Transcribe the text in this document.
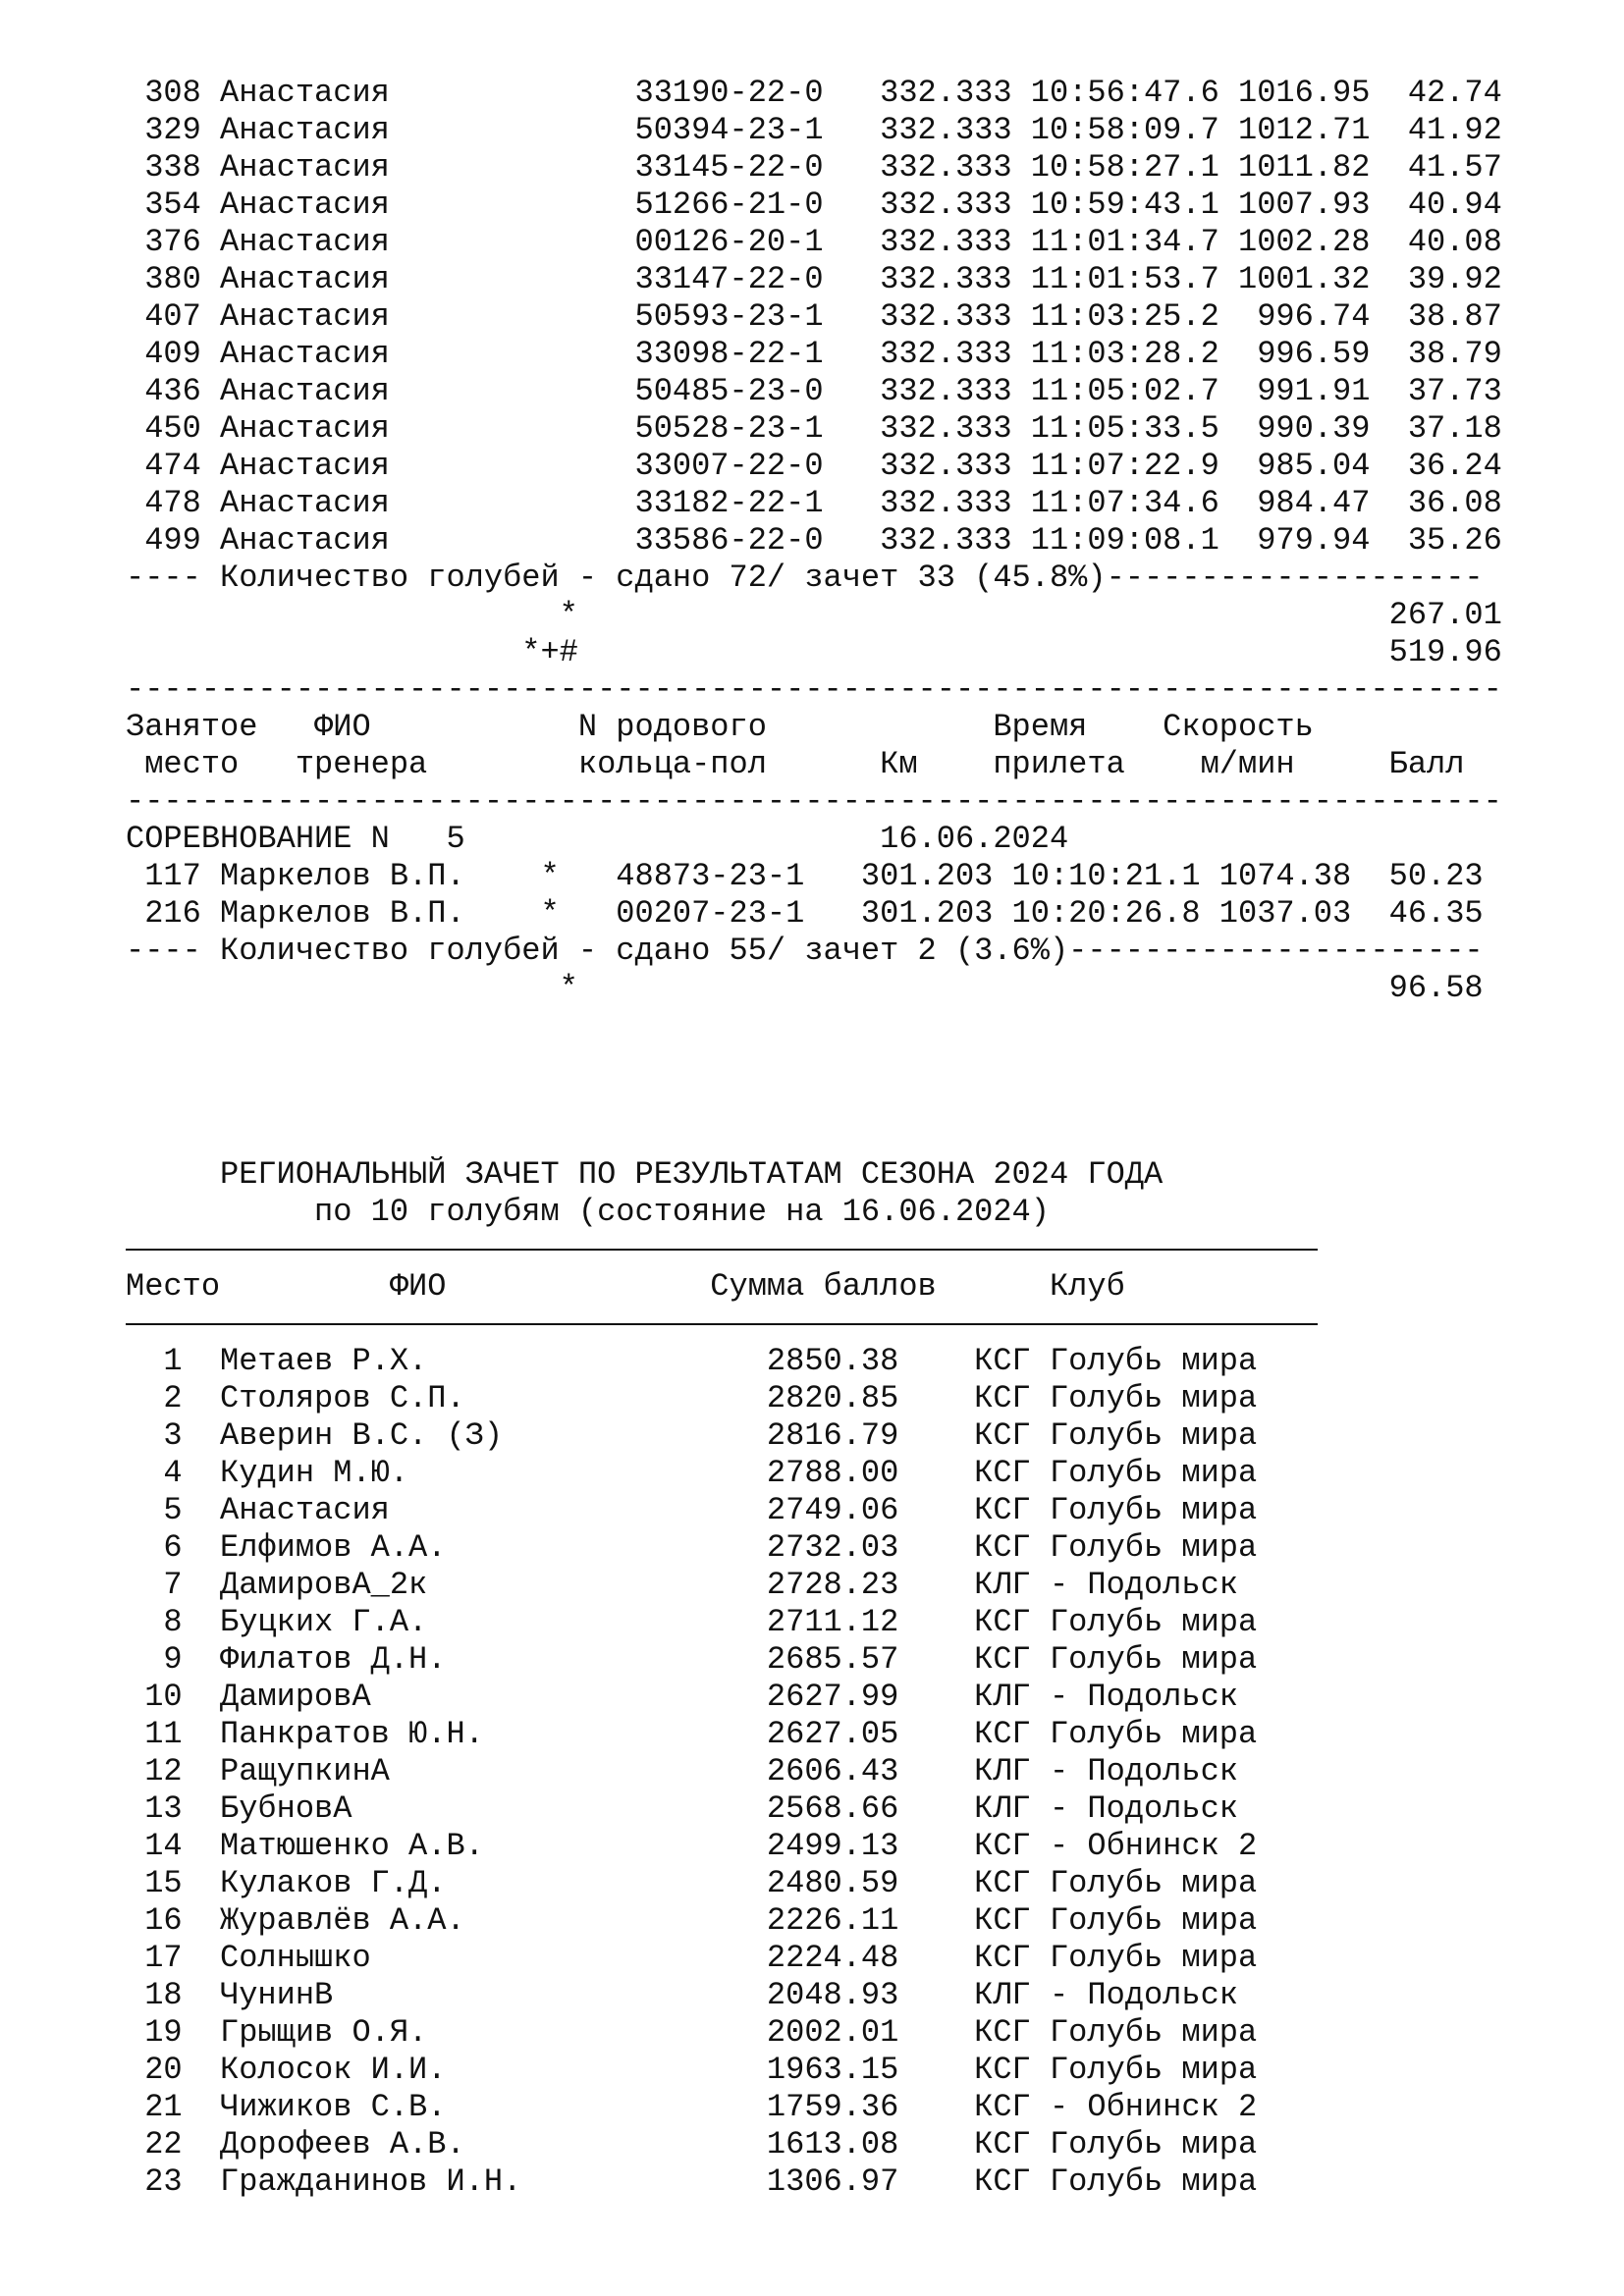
308 Анастасия             33190-22-0   332.333 10:56:47.6 1016.95  42.74
329 Анастасия             50394-23-1   332.333 10:58:09.7 1012.71  41.92
338 Анастасия             33145-22-0   332.333 10:58:27.1 1011.82  41.57
354 Анастасия             51266-21-0   332.333 10:59:43.1 1007.93  40.94
376 Анастасия             00126-20-1   332.333 11:01:34.7 1002.28  40.08
380 Анастасия             33147-22-0   332.333 11:01:53.7 1001.32  39.92
407 Анастасия             50593-23-1   332.333 11:03:25.2  996.74  38.87
409 Анастасия             33098-22-1   332.333 11:03:28.2  996.59  38.79
436 Анастасия             50485-23-0   332.333 11:05:02.7  991.91  37.73
450 Анастасия             50528-23-1   332.333 11:05:33.5  990.39  37.18
474 Анастасия             33007-22-0   332.333 11:07:22.9  985.04  36.24
478 Анастасия             33182-22-1   332.333 11:07:34.6  984.47  36.08
499 Анастасия             33586-22-0   332.333 11:09:08.1  979.94  35.26
---- Количество голубей - сдано 72/ зачет 33 (45.8%)--------------------
*                                           267.01
*+#                                           519.96
-------------------------------------------------------------------------
Занятое   ФИО           N родового            Время    Скорость
место   тренера        кольца-пол      Км    прилета    м/мин     Балл
-------------------------------------------------------------------------
СОРЕВНОВАНИЕ N   5                      16.06.2024
117 Маркелов В.П.    *   48873-23-1   301.203 10:10:21.1 1074.38  50.23
216 Маркелов В.П.    *   00207-23-1   301.203 10:20:26.8 1037.03  46.35
---- Количество голубей - сдано 55/ зачет 2 (3.6%)----------------------
*                                           96.58
РЕГИОНАЛЬНЫЙ ЗАЧЕТ ПО РЕЗУЛЬТАТАМ СЕЗОНА 2024 ГОДА
по 10 голубям (состояние на 16.06.2024)
Место         ФИО              Сумма баллов      Клуб
1  Метаев Р.Х.                  2850.38    КСГ Голубь мира
2  Столяров С.П.                2820.85    КСГ Голубь мира
3  Аверин В.С. (З)              2816.79    КСГ Голубь мира
4  Кудин М.Ю.                   2788.00    КСГ Голубь мира
5  Анастасия                    2749.06    КСГ Голубь мира
6  Елфимов А.А.                 2732.03    КСГ Голубь мира
7  ДамировА_2к                  2728.23    КЛГ - Подольск
8  Буцких Г.А.                  2711.12    КСГ Голубь мира
9  Филатов Д.Н.                 2685.57    КСГ Голубь мира
10  ДамировА                     2627.99    КЛГ - Подольск
11  Панкратов Ю.Н.               2627.05    КСГ Голубь мира
12  РащупкинА                    2606.43    КЛГ - Подольск
13  БубновА                      2568.66    КЛГ - Подольск
14  Матюшенко А.В.               2499.13    КСГ - Обнинск 2
15  Кулаков Г.Д.                 2480.59    КСГ Голубь мира
16  Журавлёв А.А.                2226.11    КСГ Голубь мира
17  Солнышко                     2224.48    КСГ Голубь мира
18  ЧунинВ                       2048.93    КЛГ - Подольск
19  Грыщив О.Я.                  2002.01    КСГ Голубь мира
20  Колосок И.И.                 1963.15    КСГ Голубь мира
21  Чижиков С.В.                 1759.36    КСГ - Обнинск 2
22  Дорофеев А.В.                1613.08    КСГ Голубь мира
23  Гражданинов И.Н.             1306.97    КСГ Голубь мира
